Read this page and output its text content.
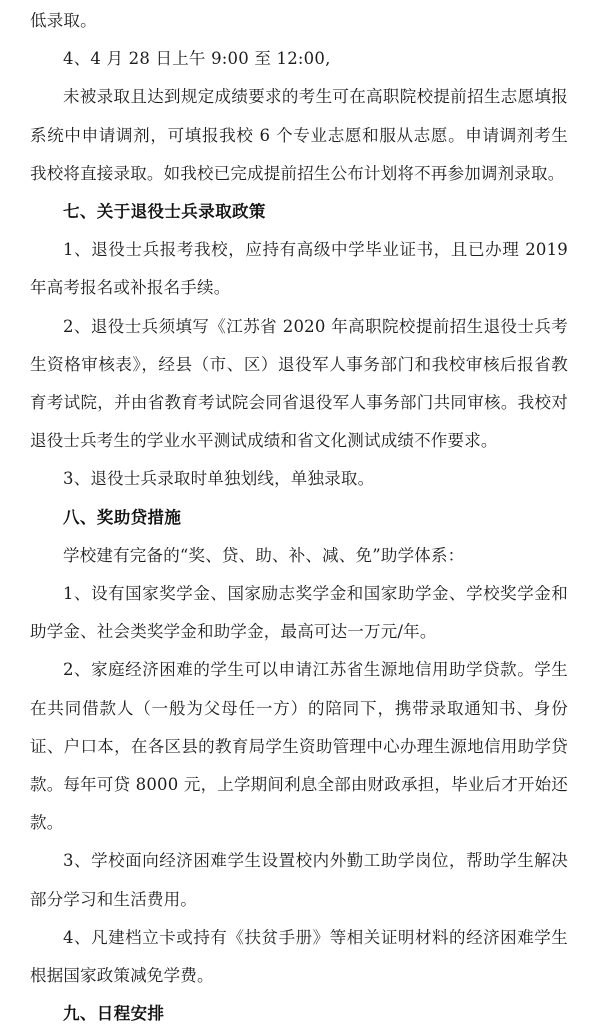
低录取。

4、4 月 28 日上午 9:00 至 12:00,

未被录取且达到规定成绩要求的考生可在高职院校提前招生志愿填报系统中申请调剂，可填报我校 6 个专业志愿和服从志愿。申请调剂考生我校将直接录取。如我校已完成提前招生公布计划将不再参加调剂录取。

七、关于退役士兵录取政策

1、退役士兵报考我校，应持有高级中学毕业证书，且已办理 2019 年高考报名或补报名手续。

2、退役士兵须填写《江苏省 2020 年高职院校提前招生退役士兵考生资格审核表》，经县（市、区）退役军人事务部门和我校审核后报省教育考试院，并由省教育考试院会同省退役军人事务部门共同审核。我校对退役士兵考生的学业水平测试成绩和省文化测试成绩不作要求。

3、退役士兵录取时单独划线，单独录取。

八、奖助贷措施

学校建有完备的“奖、贷、助、补、减、免”助学体系：

1、设有国家奖学金、国家励志奖学金和国家助学金、学校奖学金和助学金、社会类奖学金和助学金，最高可达一万元/年。

2、家庭经济困难的学生可以申请江苏省生源地信用助学贷款。学生在共同借款人（一般为父母任一方）的陪同下，携带录取通知书、身份证、户口本，在各区县的教育局学生资助管理中心办理生源地信用助学贷款。每年可贷 8000 元，上学期间利息全部由财政承担，毕业后才开始还款。

3、学校面向经济困难学生设置校内外勤工助学岗位，帮助学生解决部分学习和生活费用。

4、凡建档立卡或持有《扶贫手册》等相关证明材料的经济困难学生根据国家政策减免学费。

九、日程安排
